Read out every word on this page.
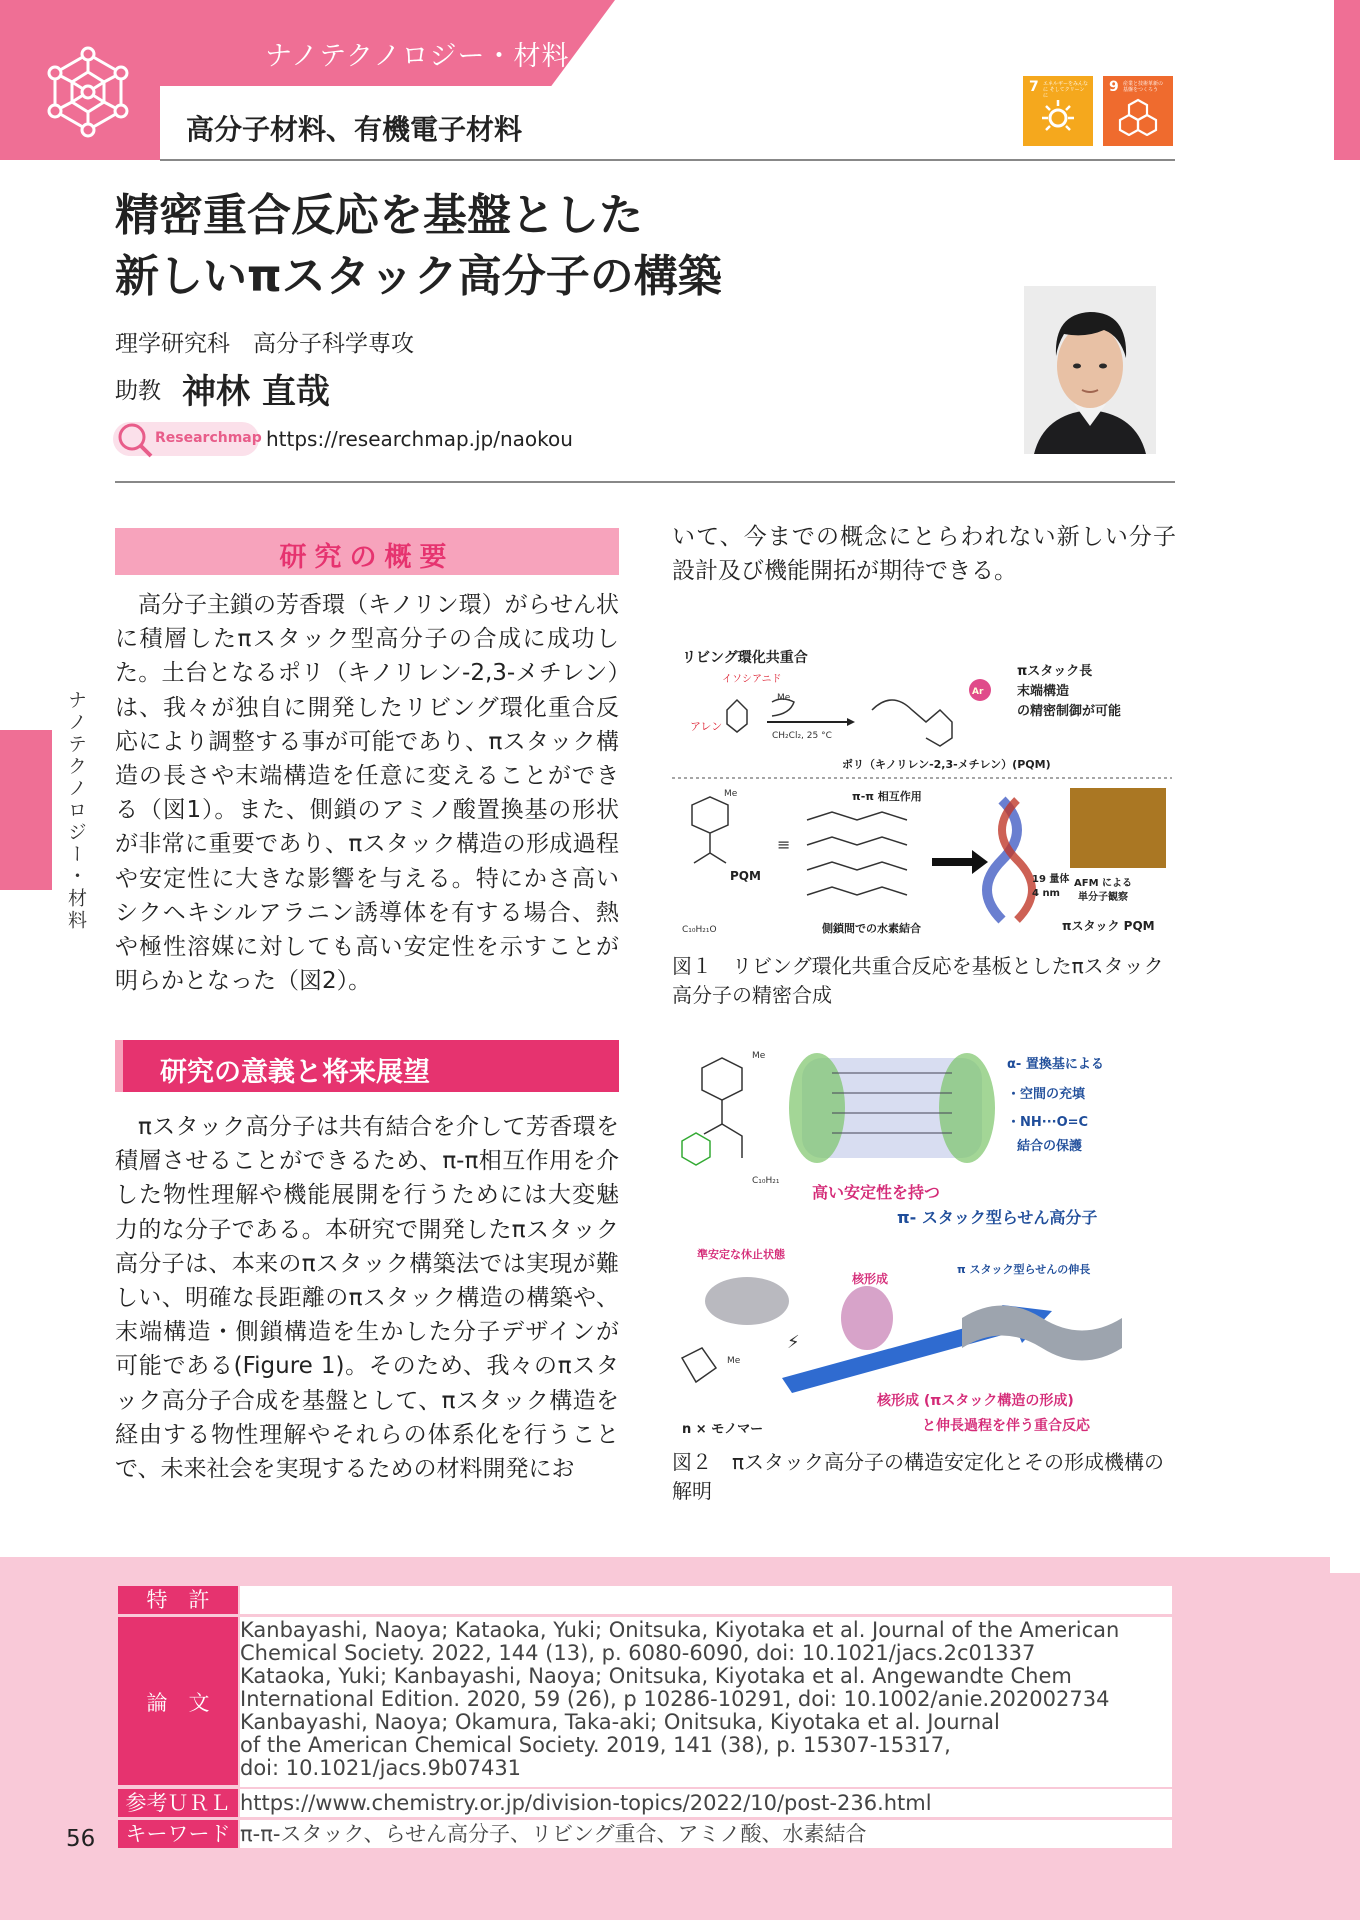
ナノテクノロジー・材料
高分子材料、有機電子材料
7 エネルギーをみんなに そしてクリーンに
9 産業と技術革新の 基盤をつくろう
精密重合反応を基盤とした
新しいπスタック高分子の構築
理学研究科　高分子科学専攻
助教 神林 直哉
Researchmap https://researchmap.jp/naokou
ナノテクノロジー・材料
研究の概要

高分子主鎖の芳香環（キノリン環）がらせん状に積層したπスタック型高分子の合成に成功した。土台となるポリ（キノリレン-2,3-メチレン）は、我々が独自に開発したリビング環化重合反応により調整する事が可能であり、πスタック構造の長さや末端構造を任意に変えることができる（図1）。また、側鎖のアミノ酸置換基の形状が非常に重要であり、πスタック構造の形成過程や安定性に大きな影響を与える。特にかさ高いシクヘキシルアラニン誘導体を有する場合、熱や極性溶媒に対しても高い安定性を示すことが明らかとなった（図2）。

研究の意義と将来展望

πスタック高分子は共有結合を介して芳香環を積層させることができるため、π-π相互作用を介した物性理解や機能展開を行うためには大変魅力的な分子である。本研究で開発したπスタック高分子は、本来のπスタック構築法では実現が難しい、明確な長距離のπスタック構造の構築や、末端構造・側鎖構造を生かした分子デザインが可能である(Figure 1)。そのため、我々のπスタック高分子合成を基盤として、πスタック構造を経由する物性理解やそれらの体系化を行うことで、未来社会を実現するための材料開発にお

いて、今までの概念にとらわれない新しい分子設計及び機能開拓が期待できる。

リビング環化共重合
イソシアニド
アレン
Me
CH₂Cl₂, 25 °C
Ar
πスタック長
末端構造
の精密制御が可能
ポリ（キノリレン-2,3-メチレン）(PQM)
Me
PQM
C₁₀H₂₁O
≡
π-π 相互作用
側鎖間での水素結合
19 量体
4 nm
AFM による
単分子観察
πスタック PQM
図１　リビング環化共重合反応を基板としたπスタック高分子の精密合成
Me
C₁₀H₂₁
α- 置換基による
・空間の充填
・NH···O=C
結合の保護
高い安定性を持つ
π- スタック型らせん高分子
準安定な休止状態
核形成
π スタック型らせんの伸長
⚡
Me
n × モノマー
核形成 (πスタック構造の形成)
と伸長過程を伴う重合反応
図２　πスタック高分子の構造安定化とその形成機構の解明
特　許
論　文
Kanbayashi, Naoya; Kataoka, Yuki; Onitsuka, Kiyotaka et al. Journal of the American
Chemical Society. 2022, 144 (13), p. 6080-6090, doi: 10.1021/jacs.2c01337
Kataoka, Yuki; Kanbayashi, Naoya; Onitsuka, Kiyotaka et al. Angewandte Chem
International Edition. 2020, 59 (26), p 10286-10291, doi: 10.1002/anie.202002734
Kanbayashi, Naoya; Okamura, Taka-aki; Onitsuka, Kiyotaka et al. Journal
of the American Chemical Society. 2019, 141 (38), p. 15307-15317,
doi: 10.1021/jacs.9b07431
参考ＵＲＬ https://www.chemistry.or.jp/division-topics/2022/10/post-236.html
キーワード π-π-スタック、らせん高分子、リビング重合、アミノ酸、水素結合
56
